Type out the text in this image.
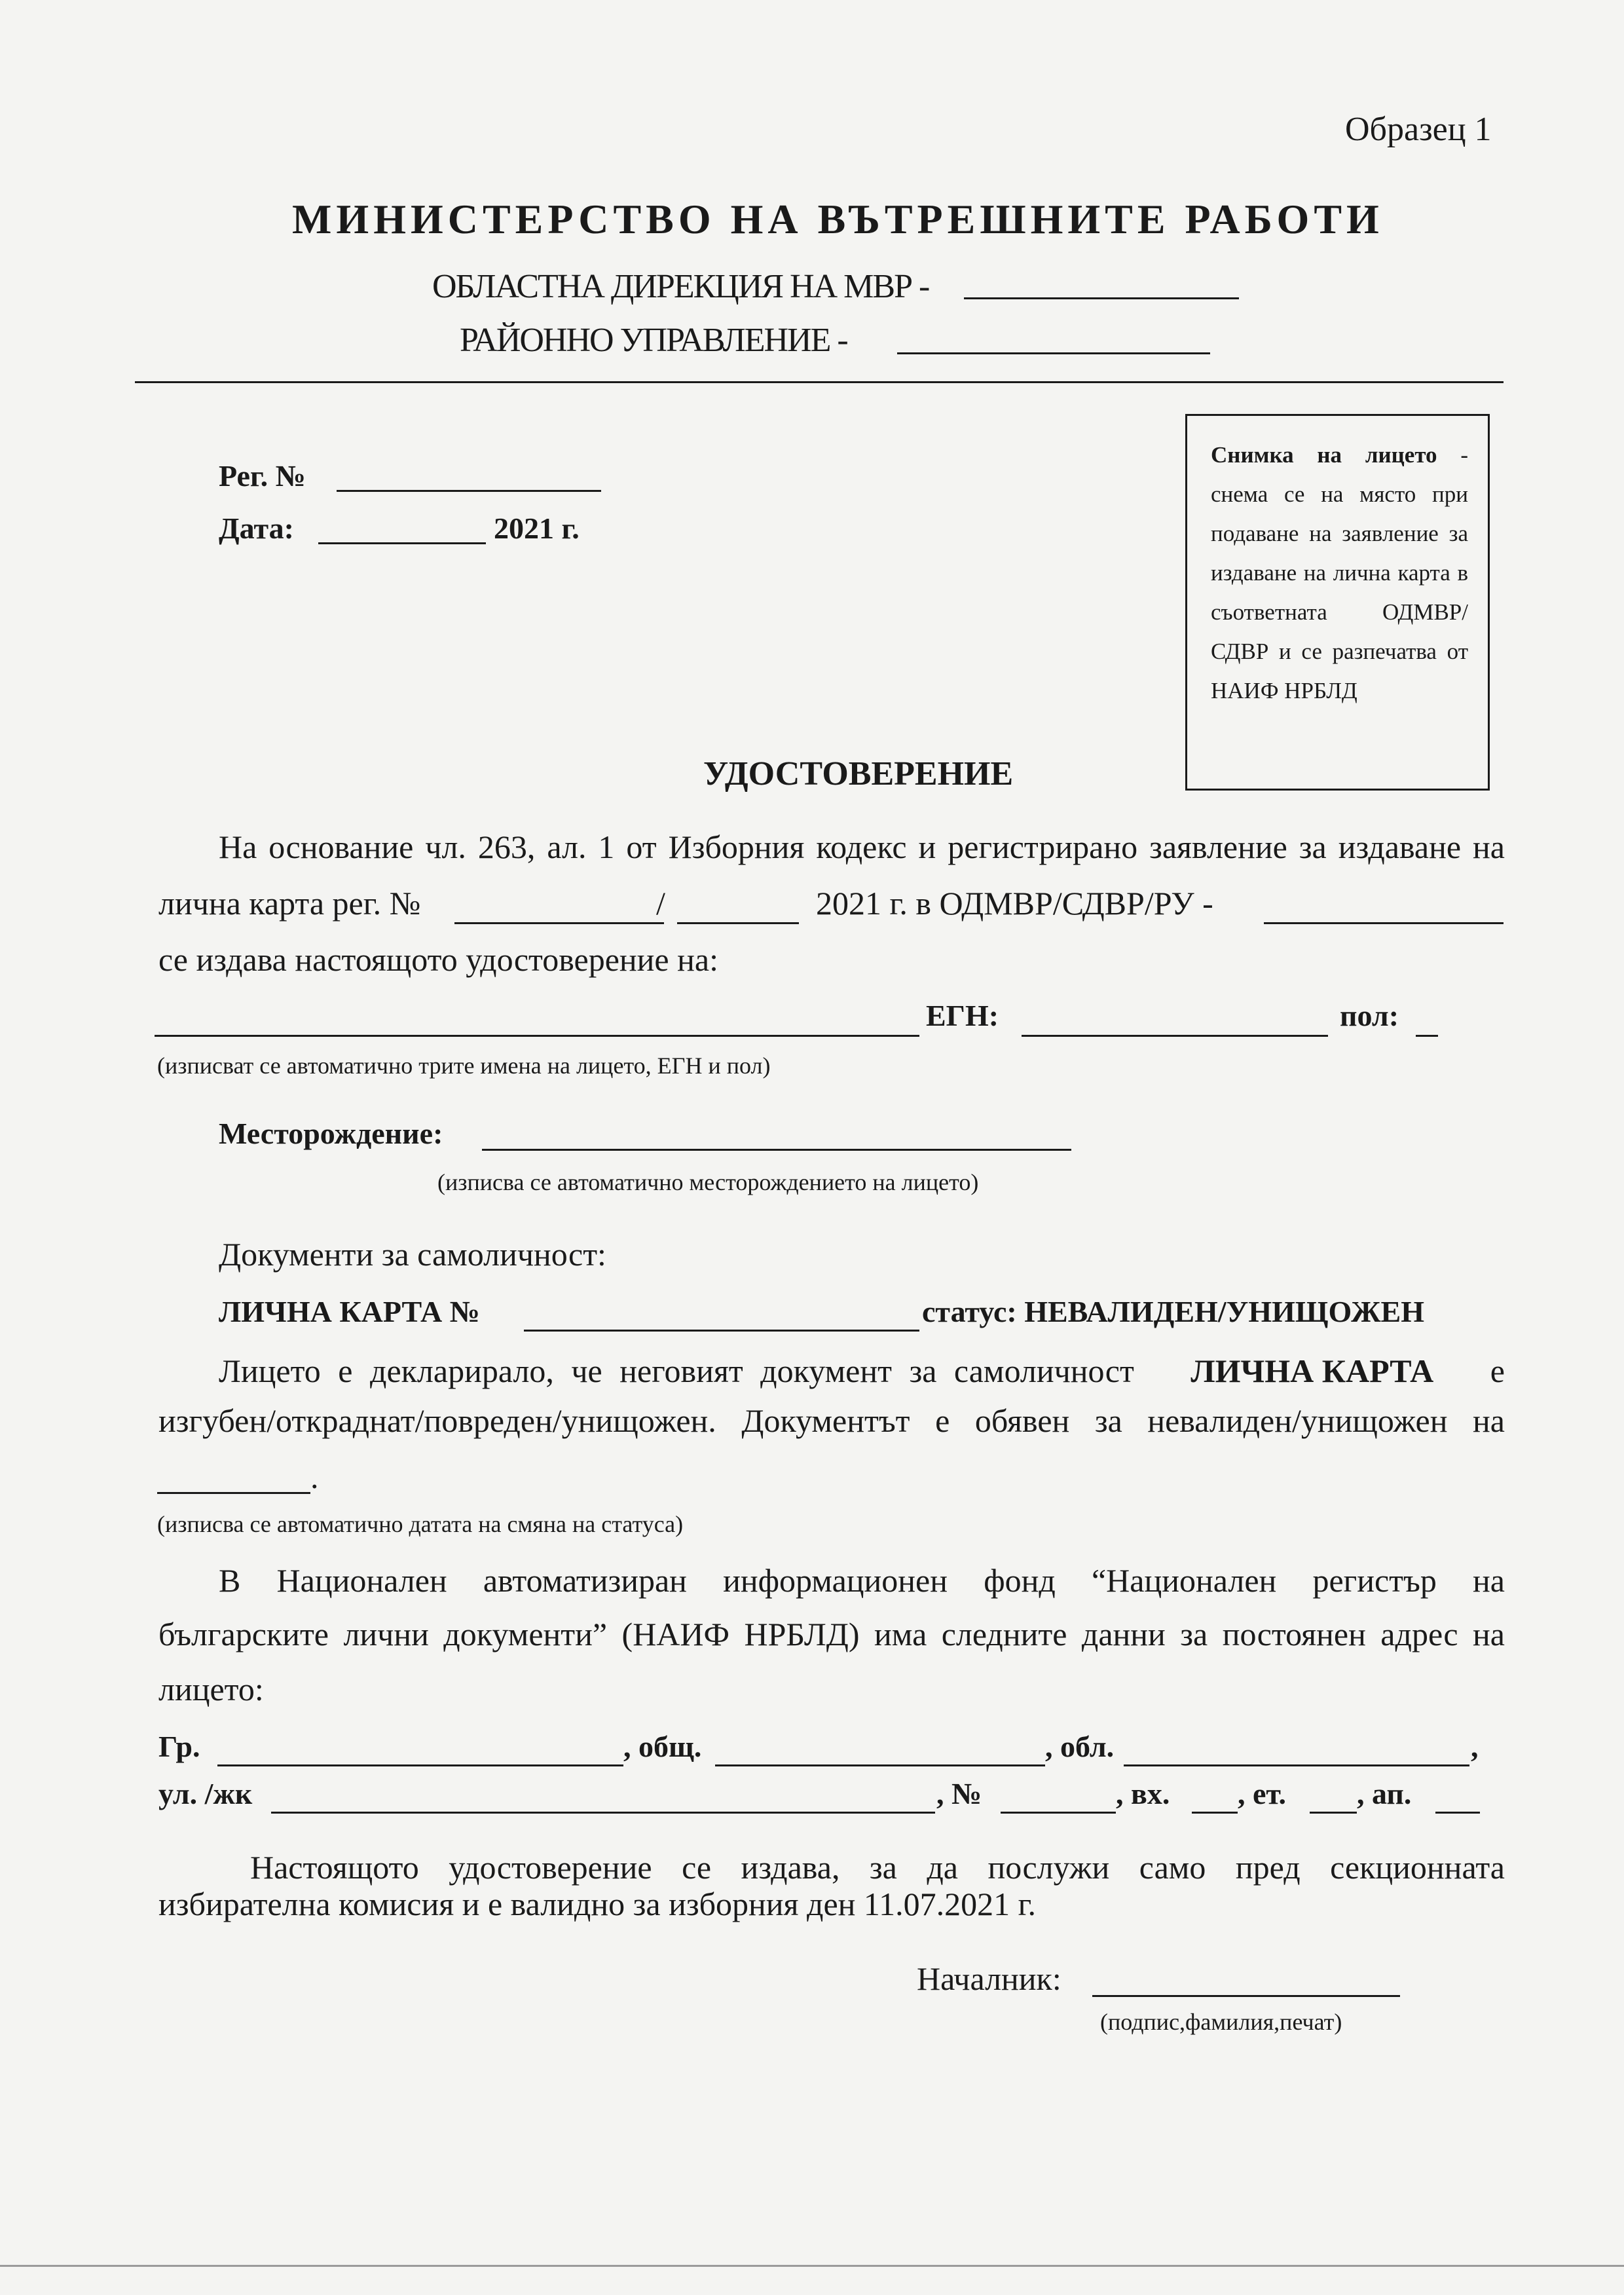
Образец 1
МИНИСТЕРСТВО НА ВЪТРЕШНИТЕ РАБОТИ
ОБЛАСТНА ДИРЕКЦИЯ НА МВР -
РАЙОННО УПРАВЛЕНИЕ -
Рег. №
Дата:	2021 г.
Снимка на лицето - снема се на място при подаване на заявление за издаване на лична карта в съответната ОДМВР/СДВР и се разпечатва от НАИФ НРБЛД
УДОСТОВЕРЕНИЕ
На основание чл. 263, ал. 1 от Изборния кодекс и регистрирано заявление за издаване на
лична карта рег. №	/	2021 г. в ОДМВР/СДВР/РУ -
се издава настоящото удостоверение на:
ЕГН:	пол:
(изписват се автоматично трите имена на лицето, ЕГН и пол)
Месторождение:
(изписва се автоматично месторождението на лицето)
Документи за самоличност:
ЛИЧНА КАРТА №	статус: НЕВАЛИДЕН/УНИЩОЖЕН
Лицето е декларирало, че неговият документ за самоличност ЛИЧНА КАРТА е
изгубен/откраднат/повреден/унищожен. Документът е обявен за невалиден/унищожен на
.
(изписва се автоматично датата на смяна на статуса)
В Национален автоматизиран информационен фонд “Национален регистър на
българските лични документи” (НАИФ НРБЛД) има следните данни за постоянен адрес на
лицето:
Гр.	, общ.	, обл.	,
ул. /жк	, №	, вх. , ет. , ап.
Настоящото удостоверение се издава, за да послужи само пред секционната
избирателна комисия и е валидно за изборния ден 11.07.2021 г.
Началник:
(подпис,фамилия,печат)
